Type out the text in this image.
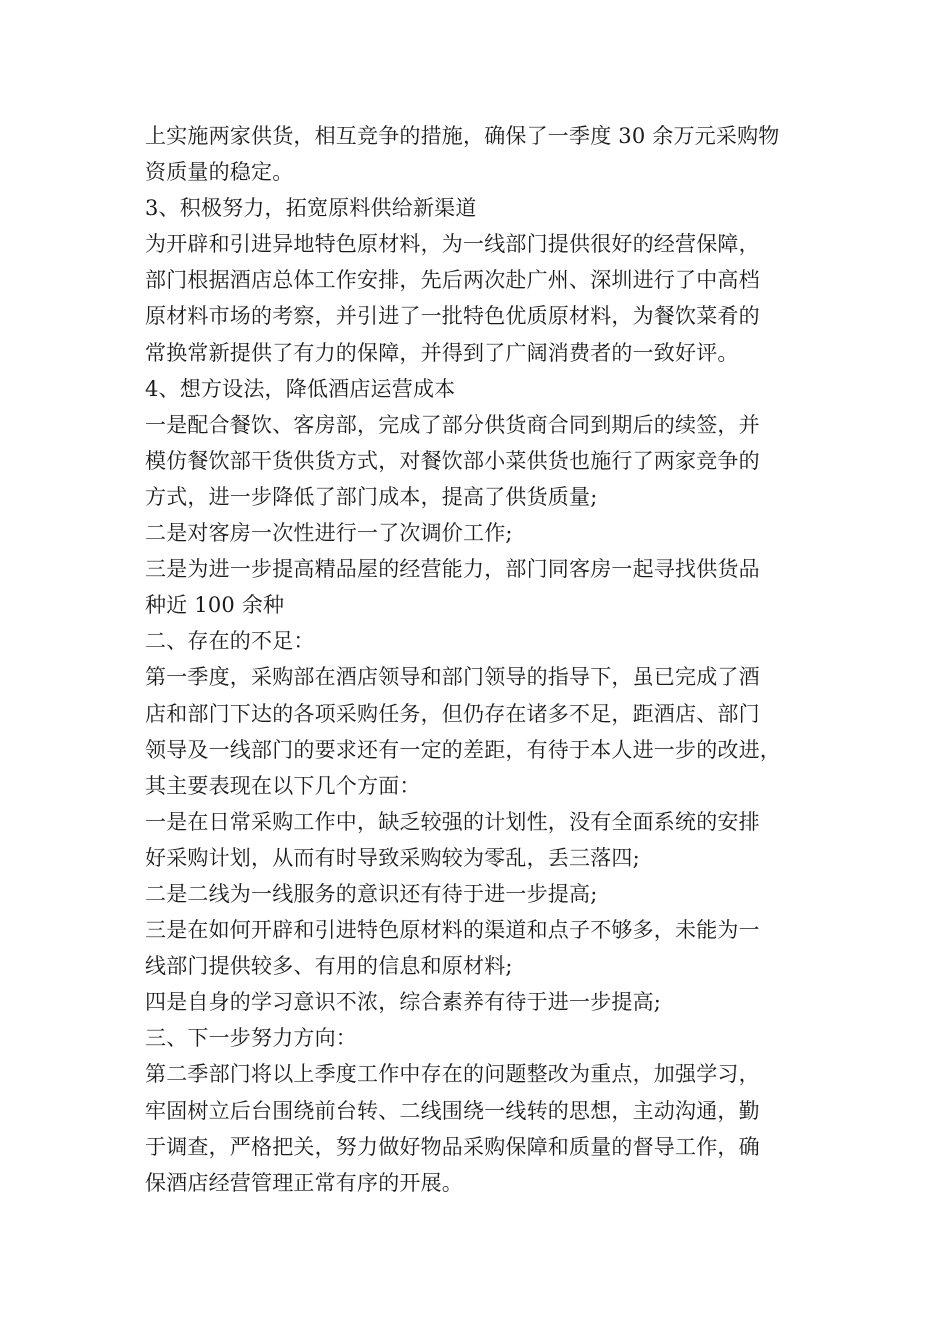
上实施两家供货，相互竞争的措施，确保了一季度 30 余万元采购物
资质量的稳定。
3、积极努力，拓宽原料供给新渠道
为开辟和引进异地特色原材料，为一线部门提供很好的经营保障，
部门根据酒店总体工作安排，先后两次赴广州、深圳进行了中高档
原材料市场的考察，并引进了一批特色优质原材料，为餐饮菜肴的
常换常新提供了有力的保障，并得到了广阔消费者的一致好评。
4、想方设法，降低酒店运营成本
一是配合餐饮、客房部，完成了部分供货商合同到期后的续签，并
模仿餐饮部干货供货方式，对餐饮部小菜供货也施行了两家竞争的
方式，进一步降低了部门成本，提高了供货质量;
二是对客房一次性进行一了次调价工作;
三是为进一步提高精品屋的经营能力，部门同客房一起寻找供货品
种近 100 余种
二、存在的不足：
第一季度，采购部在酒店领导和部门领导的指导下，虽已完成了酒
店和部门下达的各项采购任务，但仍存在诸多不足，距酒店、部门
领导及一线部门的要求还有一定的差距，有待于本人进一步的改进，
其主要表现在以下几个方面：
一是在日常采购工作中，缺乏较强的计划性，没有全面系统的安排
好采购计划，从而有时导致采购较为零乱，丢三落四;
二是二线为一线服务的意识还有待于进一步提高;
三是在如何开辟和引进特色原材料的渠道和点子不够多，未能为一
线部门提供较多、有用的信息和原材料;
四是自身的学习意识不浓，综合素养有待于进一步提高;
三、下一步努力方向：
第二季部门将以上季度工作中存在的问题整改为重点，加强学习，
牢固树立后台围绕前台转、二线围绕一线转的思想，主动沟通，勤
于调查，严格把关，努力做好物品采购保障和质量的督导工作，确
保酒店经营管理正常有序的开展。
